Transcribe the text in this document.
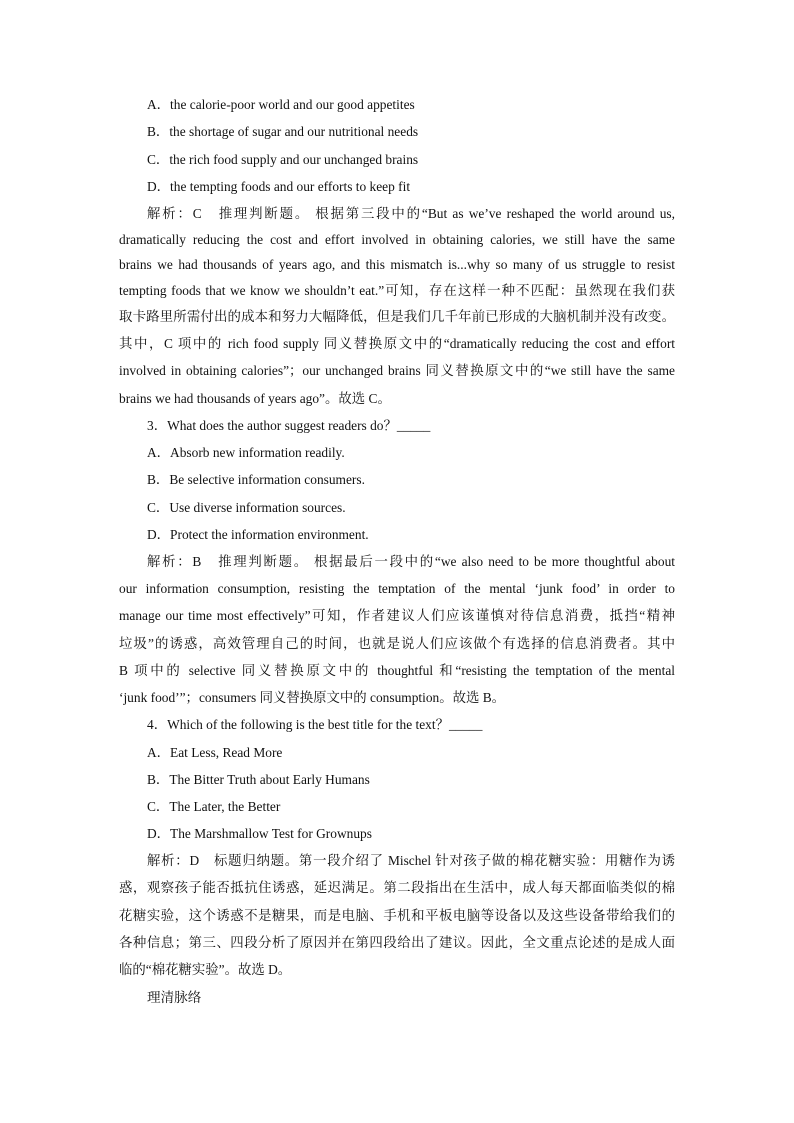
A．the calorie-poor world and our good appetites
B．the shortage of sugar and our nutritional needs
C．the rich food supply and our unchanged brains
D．the tempting foods and our efforts to keep fit
解析：C　推理判断题。 根据第三段中的“But as we’ve reshaped the world around us,
dramatically reducing the cost and effort involved in obtaining calories, we still have the same
brains we had thousands of years ago, and this mismatch is...why so many of us struggle to resist
tempting foods that we know we shouldn’t eat.”可知，存在这样一种不匹配：虽然现在我们获
取卡路里所需付出的成本和努力大幅降低，但是我们几千年前已形成的大脑机制并没有改变。
其中，C 项中的 rich food supply 同义替换原文中的“dramatically reducing the cost and effort
involved in obtaining calories”；our unchanged brains 同义替换原文中的“we still have the same
brains we had thousands of years ago”。故选 C。
3．What does the author suggest readers do？_____
A．Absorb new information readily.
B．Be selective information consumers.
C．Use diverse information sources.
D．Protect the information environment.
解析：B　推理判断题。 根据最后一段中的“we also need to be more thoughtful about
our information consumption, resisting the temptation of the mental ‘junk food’ in order to
manage our time most effectively”可知，作者建议人们应该谨慎对待信息消费，抵挡“精神
垃圾”的诱惑，高效管理自己的时间，也就是说人们应该做个有选择的信息消费者。其中
B 项中的 selective 同义替换原文中的 thoughtful 和“resisting the temptation of the mental
‘junk food’”；consumers 同义替换原文中的 consumption。故选 B。
4．Which of the following is the best title for the text？_____
A．Eat Less, Read More
B．The Bitter Truth about Early Humans
C．The Later, the Better
D．The Marshmallow Test for Grownups
解析：D　标题归纳题。第一段介绍了 Mischel 针对孩子做的棉花糖实验：用糖作为诱
惑，观察孩子能否抵抗住诱惑，延迟满足。第二段指出在生活中，成人每天都面临类似的棉
花糖实验，这个诱惑不是糖果，而是电脑、手机和平板电脑等设备以及这些设备带给我们的
各种信息；第三、四段分析了原因并在第四段给出了建议。因此，全文重点论述的是成人面
临的“棉花糖实验”。故选 D。
理清脉络
